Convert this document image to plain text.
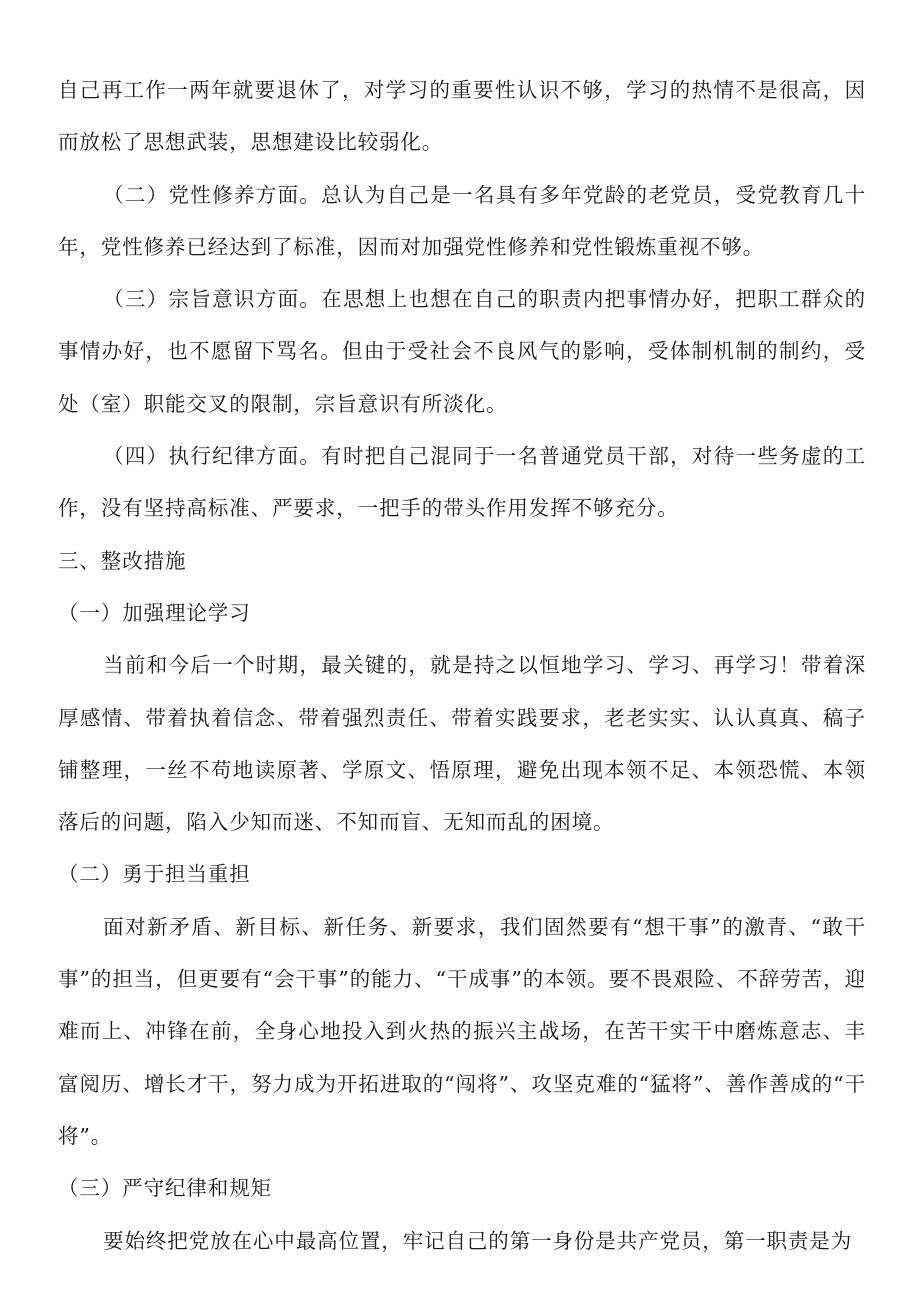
自己再工作一两年就要退休了，对学习的重要性认识不够，学习的热情不是很高，因而放松了思想武装，思想建设比较弱化。

（二）党性修养方面。总认为自己是一名具有多年党龄的老党员，受党教育几十年，党性修养已经达到了标准，因而对加强党性修养和党性锻炼重视不够。

（三）宗旨意识方面。在思想上也想在自己的职责内把事情办好，把职工群众的事情办好，也不愿留下骂名。但由于受社会不良风气的影响，受体制机制的制约，受处（室）职能交叉的限制，宗旨意识有所淡化。

（四）执行纪律方面。有时把自己混同于一名普通党员干部，对待一些务虚的工作，没有坚持高标准、严要求，一把手的带头作用发挥不够充分。

三、整改措施

（一）加强理论学习

当前和今后一个时期，最关键的，就是持之以恒地学习、学习、再学习！带着深厚感情、带着执着信念、带着强烈责任、带着实践要求，老老实实、认认真真、稿子铺整理，一丝不苟地读原著、学原文、悟原理，避免出现本领不足、本领恐慌、本领落后的问题，陷入少知而迷、不知而盲、无知而乱的困境。

（二）勇于担当重担

面对新矛盾、新目标、新任务、新要求，我们固然要有“想干事”的激青、“敢干事”的担当，但更要有“会干事”的能力、“干成事”的本领。要不畏艰险、不辞劳苦，迎难而上、冲锋在前，全身心地投入到火热的振兴主战场，在苦干实干中磨炼意志、丰富阅历、增长才干，努力成为开拓进取的“闯将”、攻坚克难的“猛将”、善作善成的“干将”。

（三）严守纪律和规矩

要始终把党放在心中最高位置，牢记自己的第一身份是共产党员，第一职责是为
